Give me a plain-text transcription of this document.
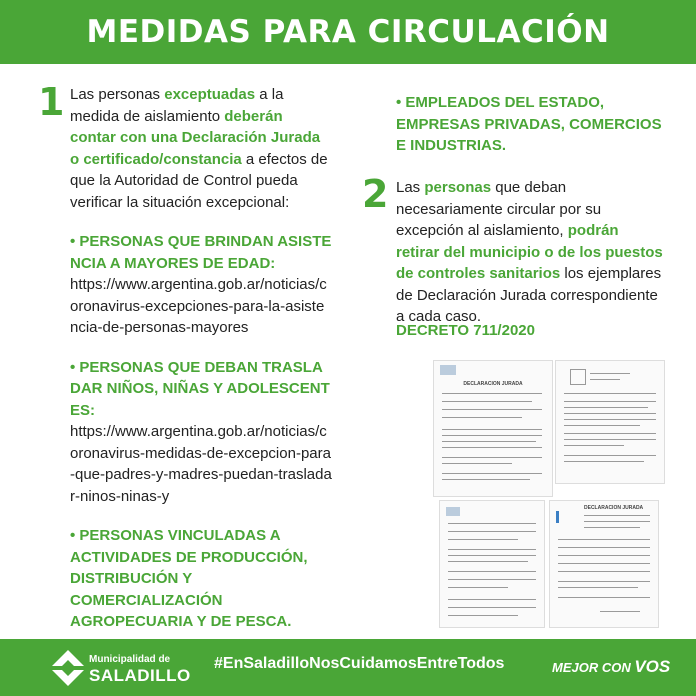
MEDIDAS PARA CIRCULACIÓN
1 Las personas exceptuadas a la medida de aislamiento deberán contar con una Declaración Jurada o certificado/constancia a efectos de que la Autoridad de Control pueda verificar la situación excepcional:

• PERSONAS QUE BRINDAN ASISTENCIA A MAYORES DE EDAD:
https://www.argentina.gob.ar/noticias/coronavirus-excepciones-para-la-asistencia-de-personas-mayores

• PERSONAS QUE DEBAN TRASLADAR NIÑOS, NIÑAS Y ADOLESCENTES:
https://www.argentina.gob.ar/noticias/coronavirus-medidas-de-excepcion-para-que-padres-y-madres-puedan-trasladar-ninos-ninas-y

• PERSONAS VINCULADAS A ACTIVIDADES DE PRODUCCIÓN, DISTRIBUCIÓN Y COMERCIALIZACIÓN AGROPECUARIA Y DE PESCA.

• EMPLEADOS DEL ESTADO, EMPRESAS PRIVADAS, COMERCIOS E INDUSTRIAS.

2 Las personas que deban necesariamente circular por su excepción al aislamiento, podrán retirar del municipio o de los puestos de controles sanitarios los ejemplares de Declaración Jurada correspondiente a cada caso.

DECRETO 711/2020
DECLARACION JURADA
DECLARACION JURADA
Municipalidad de
SALADILLO
#EnSaladilloNosCuidamosEntreTodos	MEJOR CON VOS
